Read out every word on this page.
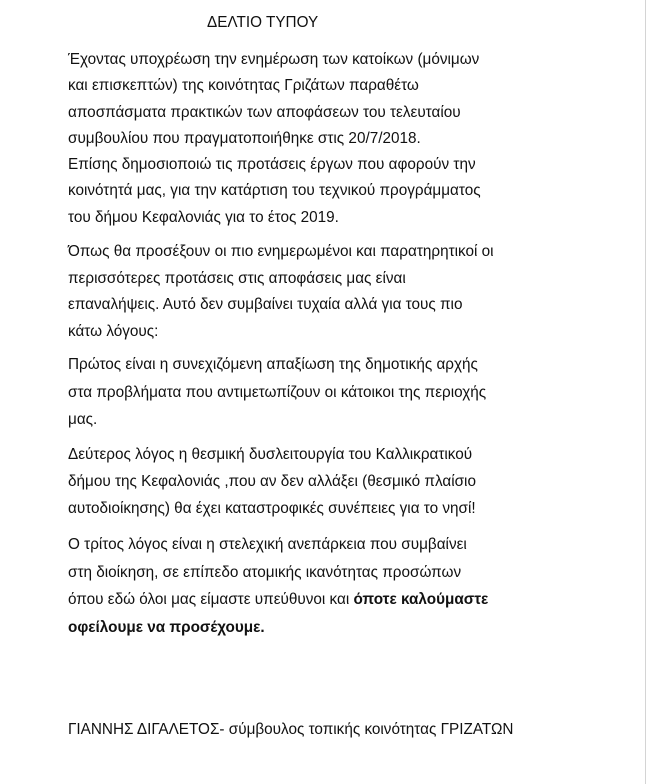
ΔΕΛΤΙΟ ΤΥΠΟΥ
Έχοντας υποχρέωση την ενημέρωση των κατοίκων (μόνιμων
και επισκεπτών) της κοινότητας Γριζάτων παραθέτω
αποσπάσματα πρακτικών των αποφάσεων του τελευταίου
συμβουλίου που πραγματοποιήθηκε στις 20/7/2018.
Επίσης δημοσιοποιώ τις προτάσεις έργων που αφορούν την
κοινότητά μας, για την κατάρτιση του τεχνικού προγράμματος
του δήμου Κεφαλονιάς για το έτος 2019.
Όπως θα προσέξουν οι πιο ενημερωμένοι και παρατηρητικοί οι
περισσότερες προτάσεις στις αποφάσεις μας είναι
επαναλήψεις. Αυτό δεν συμβαίνει τυχαία αλλά για τους πιο
κάτω λόγους:
Πρώτος είναι η συνεχιζόμενη απαξίωση της δημοτικής αρχής
στα προβλήματα που αντιμετωπίζουν οι κάτοικοι της περιοχής
μας.
Δεύτερος λόγος η θεσμική δυσλειτουργία του Καλλικρατικού
δήμου της Κεφαλονιάς ,που αν δεν αλλάξει (θεσμικό πλαίσιο
αυτοδιοίκησης) θα έχει καταστροφικές συνέπειες για το νησί!
Ο τρίτος λόγος είναι η στελεχική ανεπάρκεια που συμβαίνει
στη διοίκηση, σε επίπεδο ατομικής ικανότητας προσώπων
όπου εδώ όλοι μας είμαστε υπεύθυνοι και όποτε καλούμαστε
οφείλουμε να προσέχουμε.
ΓΙΑΝΝΗΣ ΔΙΓΑΛΕΤΟΣ- σύμβουλος τοπικής κοινότητας ΓΡΙΖΑΤΩΝ
